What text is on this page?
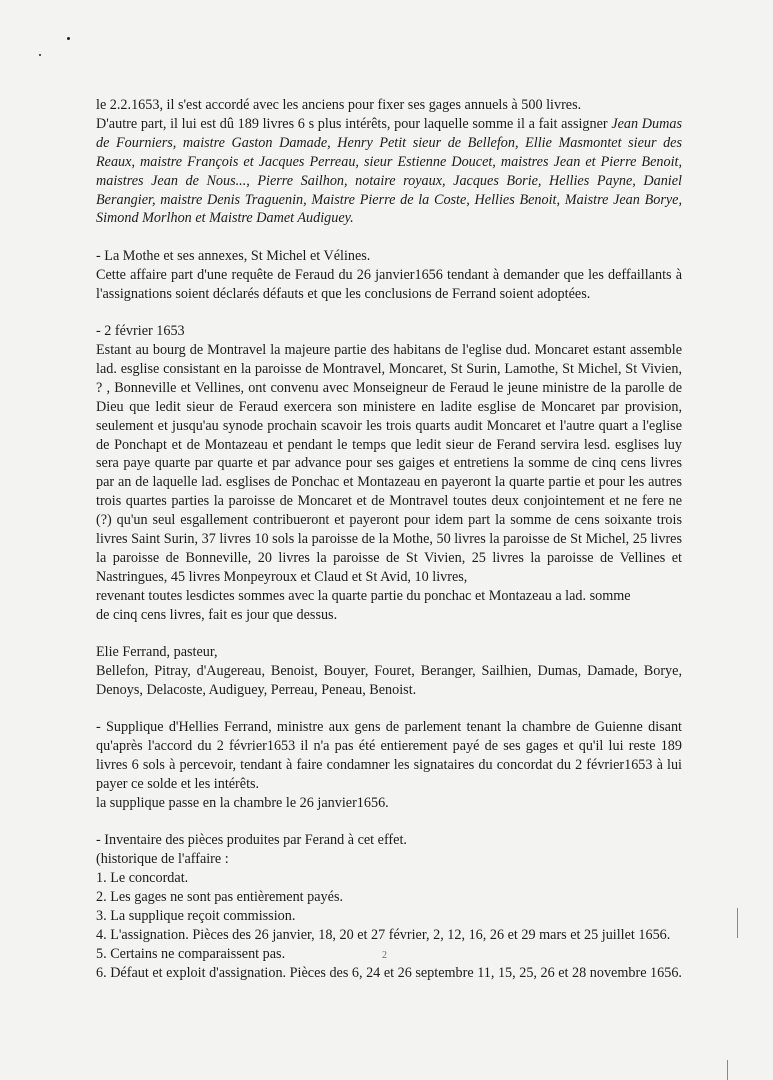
2

le 2.2.1653, il s'est accordé avec les anciens pour fixer ses gages annuels à 500 livres.

D'autre part, il lui est dû 189 livres 6 s plus intérêts, pour laquelle somme il a fait assigner Jean Dumas de Fourniers, maistre Gaston Damade, Henry Petit sieur de Bellefon, Ellie Masmontet sieur des Reaux, maistre François et Jacques Perreau, sieur Estienne Doucet, maistres Jean et Pierre Benoit, maistres Jean de Nous..., Pierre Sailhon, notaire royaux, Jacques Borie, Hellies Payne, Daniel Berangier, maistre Denis Traguenin, Maistre Pierre de la Coste, Hellies Benoit, Maistre Jean Borye, Simond Morlhon et Maistre Damet Audiguey.

- La Mothe et ses annexes, St Michel et Vélines.

Cette affaire part d'une requête de Feraud du 26 janvier1656 tendant à demander que les deffaillants à l'assignations soient déclarés défauts et que les conclusions de Ferrand soient adoptées.

- 2 février 1653

Estant au bourg de Montravel la majeure partie des habitans de l'eglise dud. Moncaret estant assemble lad. esglise consistant en la paroisse de Montravel, Moncaret, St Surin, Lamothe, St Michel, St Vivien, ? , Bonneville et Vellines, ont convenu avec Monseigneur de Feraud le jeune ministre de la parolle de Dieu que ledit sieur de Feraud exercera son ministere en ladite esglise de Moncaret par provision, seulement et jusqu'au synode prochain scavoir les trois quarts audit Moncaret et l'autre quart a l'eglise de Ponchapt et de Montazeau et pendant le temps que ledit sieur de Ferand servira lesd. esglises luy sera paye quarte par quarte et par advance pour ses gaiges et entretiens la somme de cinq cens livres par an de laquelle lad. esglises de Ponchac et Montazeau en payeront la quarte partie et pour les autres trois quartes parties la paroisse de Moncaret et de Montravel toutes deux conjointement et ne fere ne (?) qu'un seul esgallement contribueront et payeront pour idem part la somme de cens soixante trois livres Saint Surin, 37 livres 10 sols la paroisse de la Mothe, 50 livres la paroisse de St Michel, 25 livres la paroisse de Bonneville, 20 livres la paroisse de St Vivien, 25 livres la paroisse de Vellines et Nastringues, 45 livres Monpeyroux et Claud et St Avid, 10 livres,

revenant toutes lesdictes sommes avec la quarte partie du ponchac et Montazeau a lad. somme

de cinq cens livres, fait es jour que dessus.

Elie Ferrand, pasteur,

Bellefon, Pitray, d'Augereau, Benoist, Bouyer, Fouret, Beranger, Sailhien, Dumas, Damade, Borye, Denoys, Delacoste, Audiguey, Perreau, Peneau, Benoist.

- Supplique d'Hellies Ferrand, ministre aux gens de parlement tenant la chambre de Guienne disant qu'après l'accord du 2 février1653 il n'a pas été entierement payé de ses gages et qu'il lui reste 189 livres 6 sols à percevoir, tendant à faire condamner les signataires du concordat du 2 février1653 à lui payer ce solde et les intérêts.

la supplique passe en la chambre le 26 janvier1656.

- Inventaire des pièces produites par Ferand à cet effet.

(historique de l'affaire :

1. Le concordat.

2. Les gages ne sont pas entièrement payés.

3. La supplique reçoit commission.

4. L'assignation. Pièces des 26 janvier, 18, 20 et 27 février, 2, 12, 16, 26 et 29 mars et 25 juillet 1656.

5. Certains ne comparaissent pas.

6. Défaut et exploit d'assignation. Pièces des 6, 24 et 26 septembre 11, 15, 25, 26 et 28 novembre 1656.
